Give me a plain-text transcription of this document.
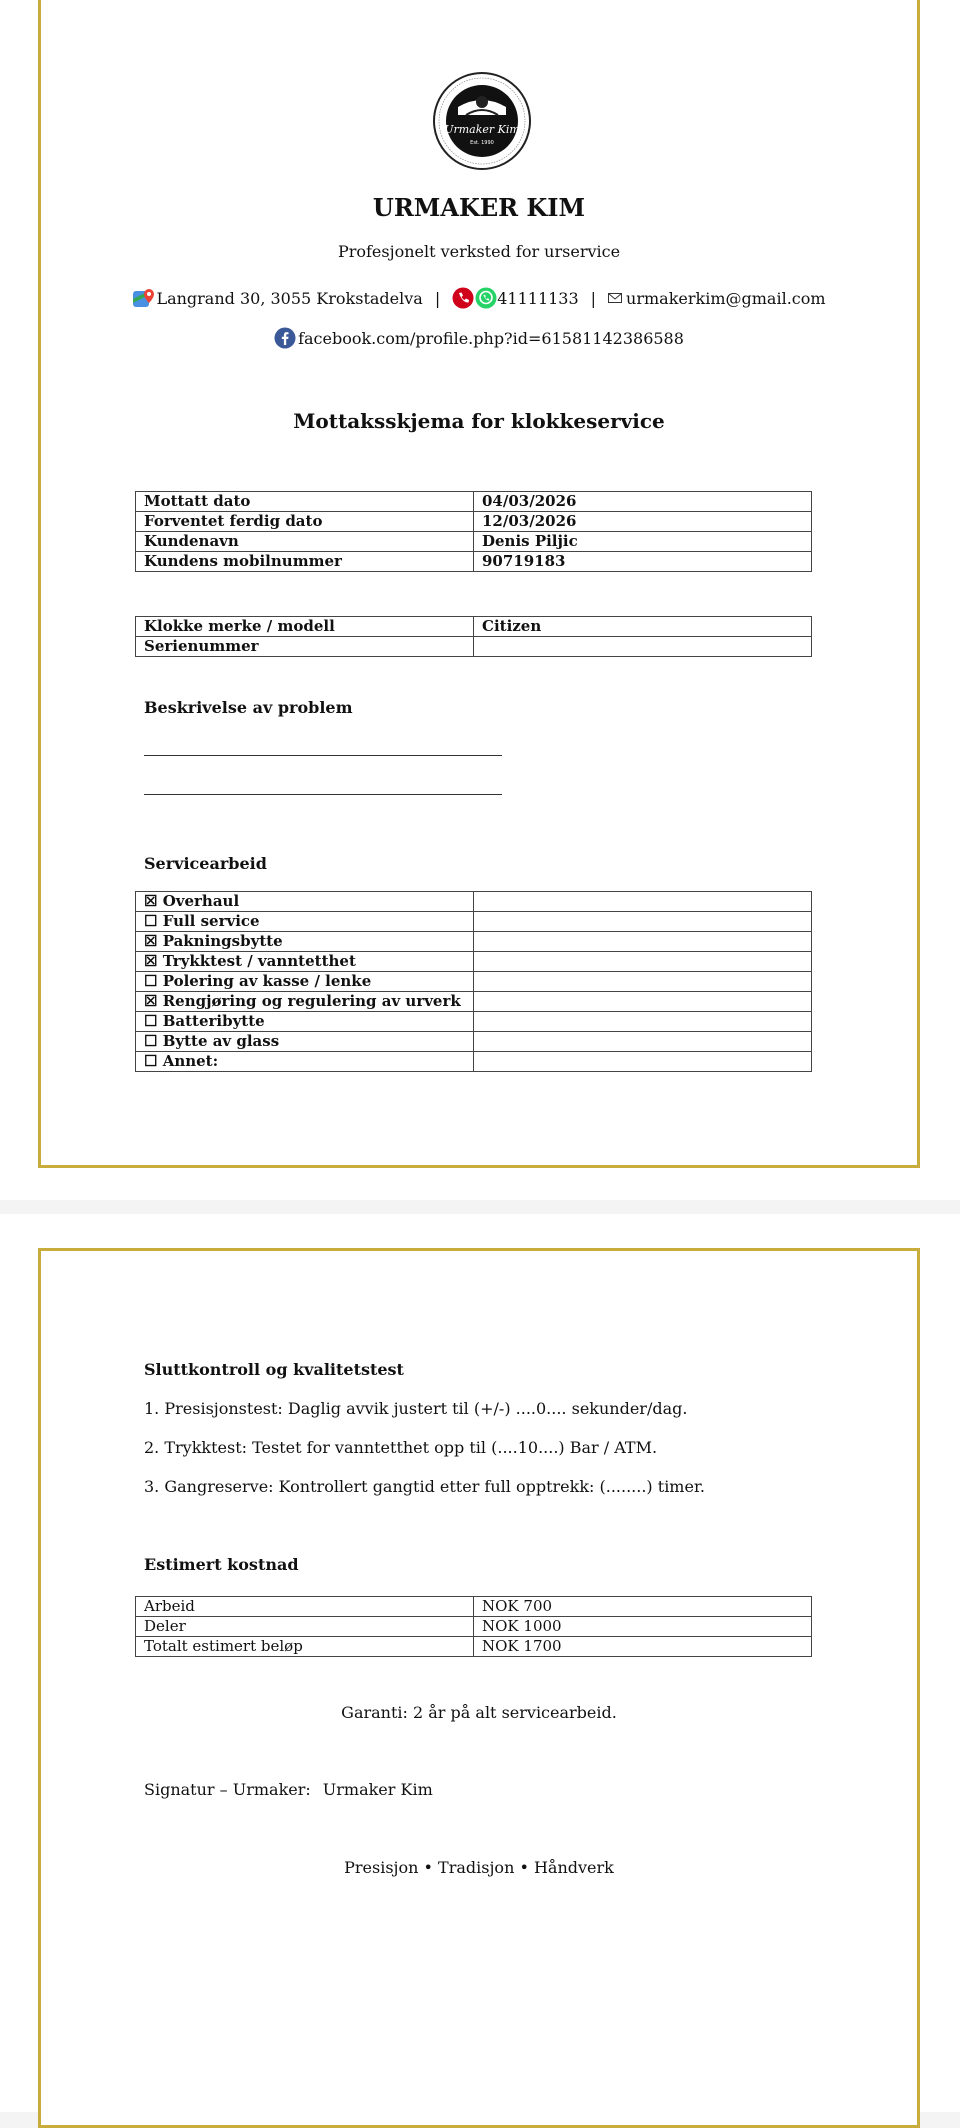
Urmaker Kim
Est. 1990
URMAKER KIM
Profesjonelt verksted for urservice
Langrand 30, 3055 Krokstadelva |	41111133 | urmakerkim@gmail.com
facebook.com/profile.php?id=61581142386588
Mottaksskjema for klokkeservice
Mottatt dato	04/03/2026
Forventet ferdig dato	12/03/2026
Kundenavn	Denis Piljic
Kundens mobilnummer	90719183
Klokke merke / modell	Citizen
Serienummer	
Beskrivelse av problem
Servicearbeid
☒ Overhaul	
☐ Full service	
☒ Pakningsbytte	
☒ Trykktest / vanntetthet	
☐ Polering av kasse / lenke	
☒ Rengjøring og regulering av urverk	
☐ Batteribytte	
☐ Bytte av glass	
☐ Annet:	
Sluttkontroll og kvalitetstest
1. Presisjonstest: Daglig avvik justert til (+/-) ....0.... sekunder/dag.
2. Trykktest: Testet for vanntetthet opp til (....10....) Bar / ATM.
3. Gangreserve: Kontrollert gangtid etter full opptrekk: (........) timer.
Estimert kostnad
Arbeid	NOK 700
Deler	NOK 1000
Totalt estimert beløp	NOK 1700
Garanti: 2 år på alt servicearbeid.
Signatur – Urmaker: Urmaker Kim
Presisjon • Tradisjon • Håndverk
